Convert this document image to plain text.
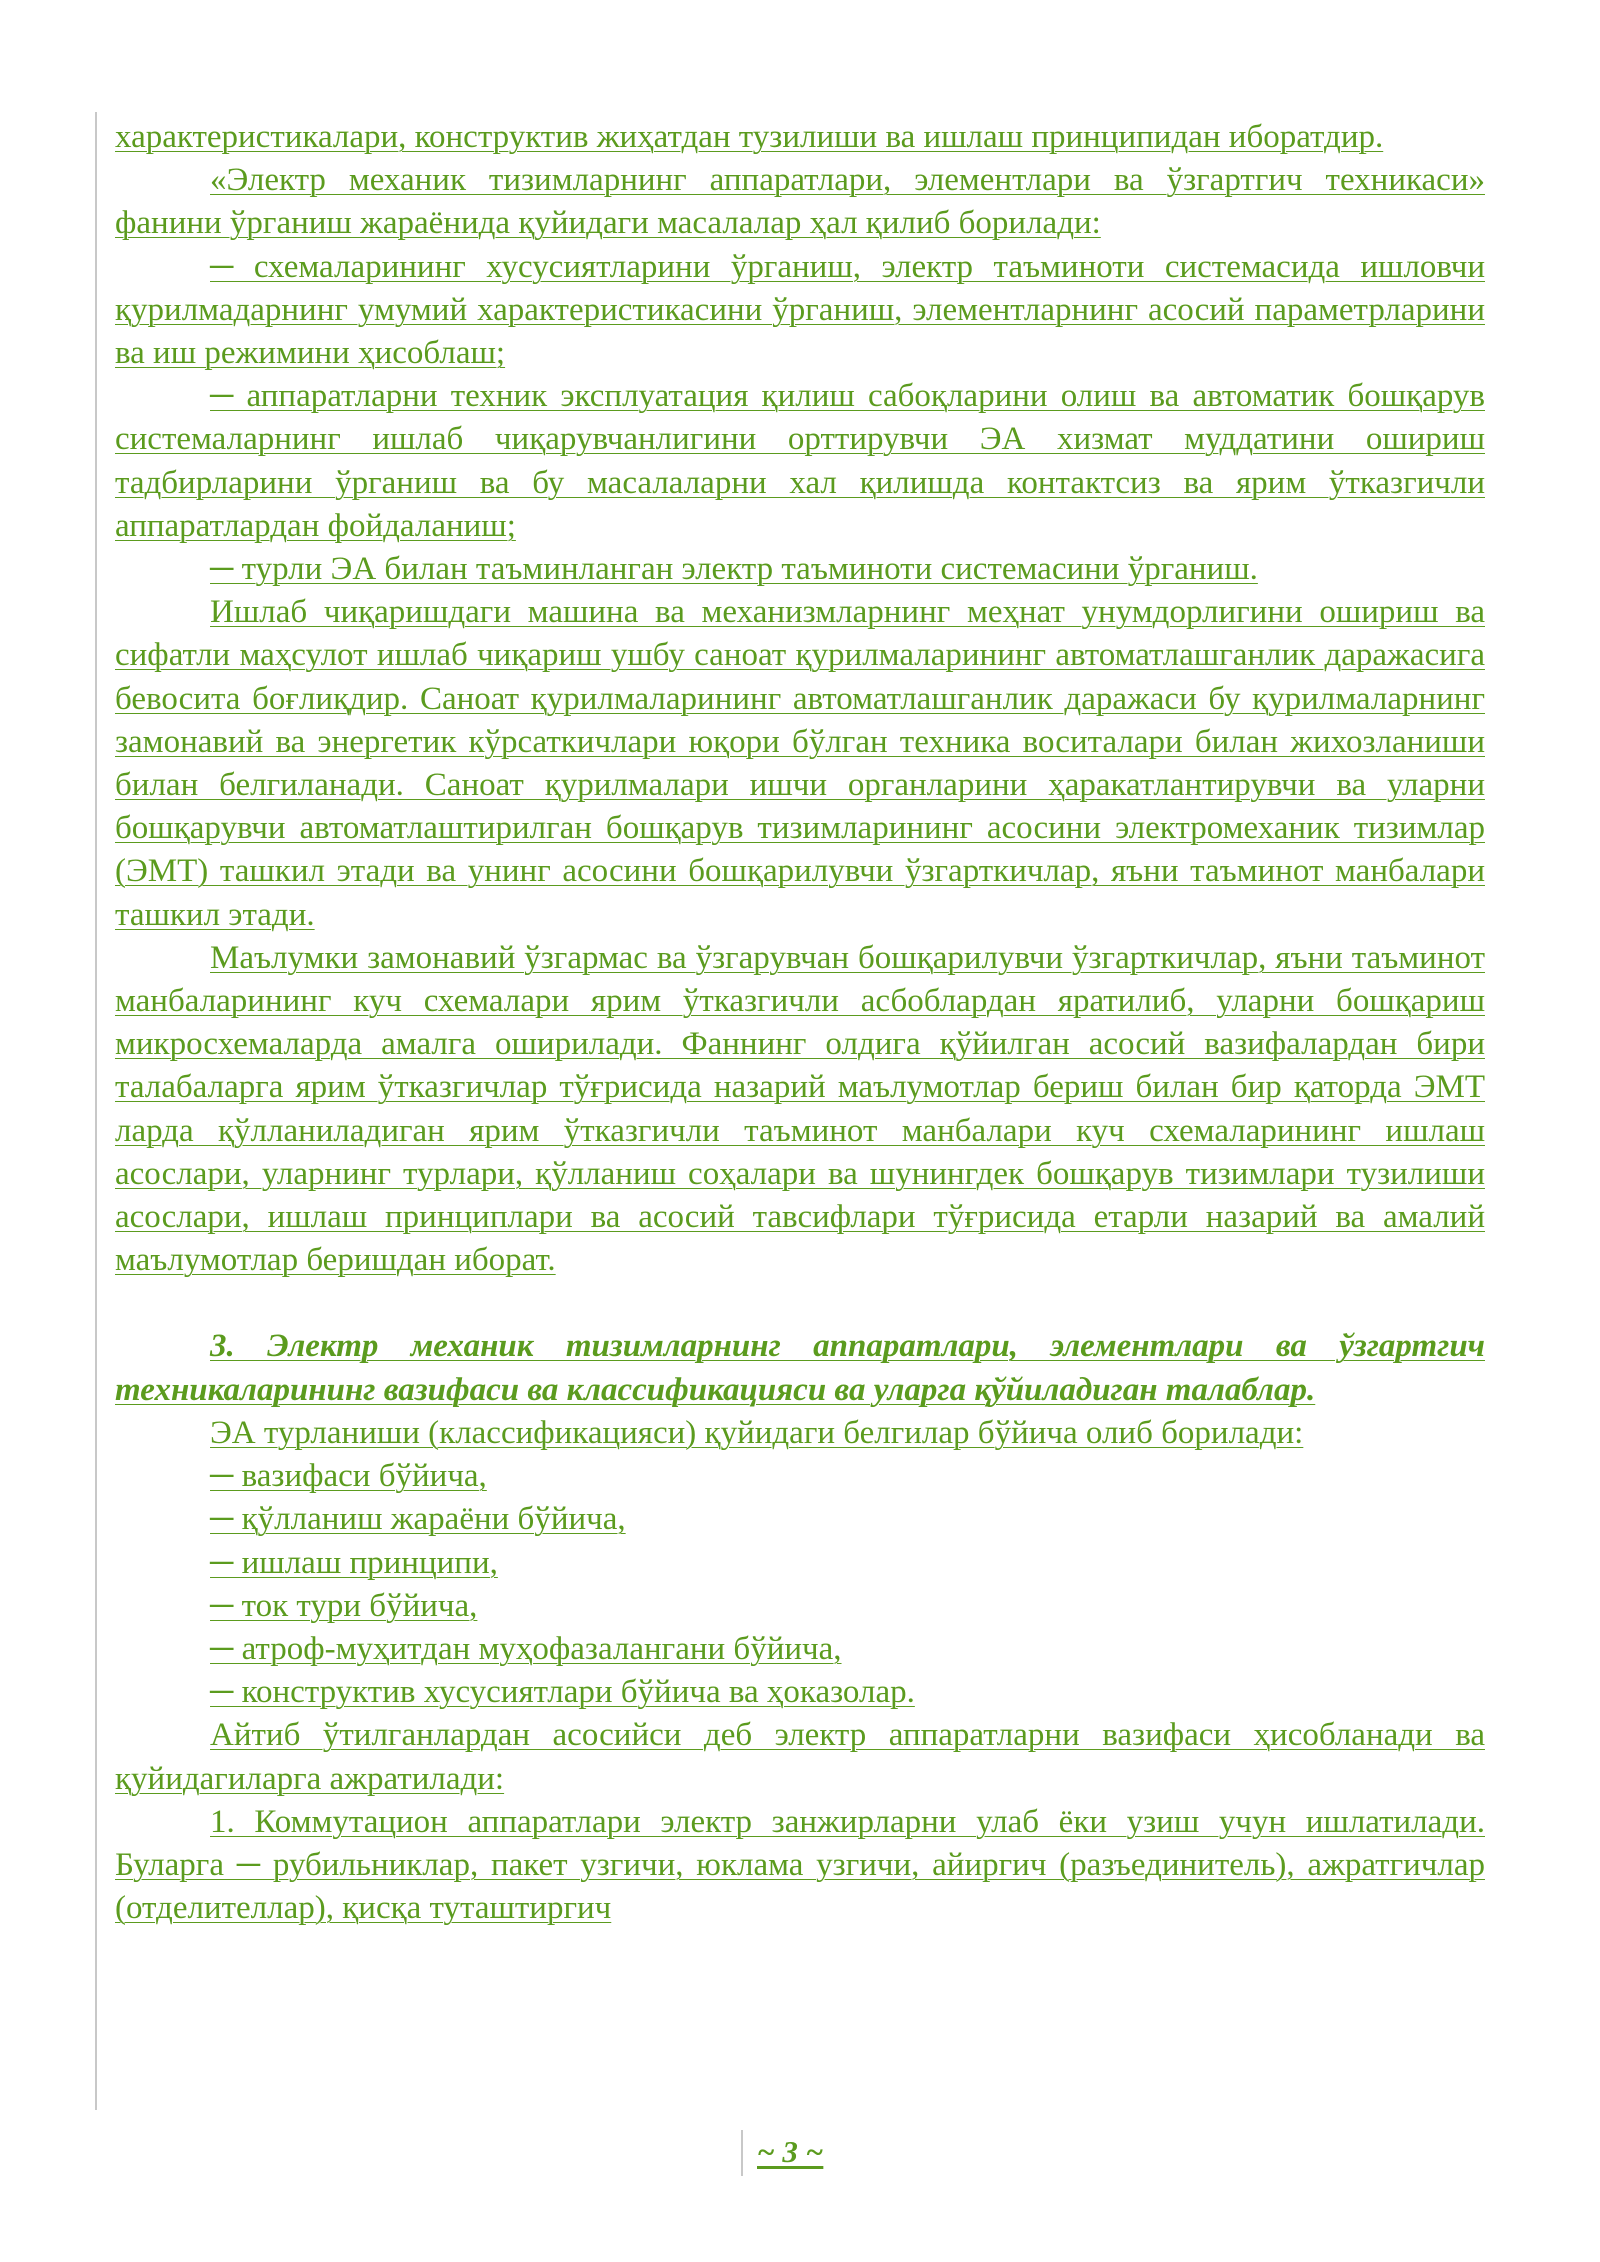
характеристикалари, конструктив жиҳатдан тузилиши ва ишлаш принципидан иборатдир.

«Электр механик тизимларнинг аппаратлари, элементлари ва ўзгартгич техникаси» фанини ўрганиш жараёнида қуйидаги масалалар ҳал қилиб борилади:

─ схемаларининг хусусиятларини ўрганиш, электр таъминоти системасида ишловчи қурилмадарнинг умумий характеристикасини ўрганиш, элементларнинг асосий параметрларини ва иш режимини ҳисоблаш;

─ аппаратларни техник эксплуатация қилиш сабоқларини олиш ва автоматик бошқарув системаларнинг ишлаб чиқарувчанлигини орттирувчи ЭА хизмат муддатини ошириш тадбирларини ўрганиш ва бу масалаларни хал қилишда контактсиз ва ярим ўтказгичли аппаратлардан фойдаланиш;

─ турли ЭА билан таъминланган электр таъминоти системасини ўрганиш.

Ишлаб чиқаришдаги машина ва механизмларнинг меҳнат унумдорлигини ошириш ва сифатли маҳсулот ишлаб чиқариш ушбу саноат қурилмаларининг автоматлашганлик даражасига бевосита боғлиқдир. Саноат қурилмаларининг автоматлашганлик даражаси бу қурилмаларнинг замонавий ва энергетик кўрсаткичлари юқори бўлган техника воситалари билан жихозланиши билан белгиланади. Саноат қурилмалари ишчи органларини ҳаракатлантирувчи ва уларни бошқарувчи автоматлаштирилган бошқарув тизимларининг асосини электромеханик тизимлар (ЭМТ) ташкил этади ва унинг асосини бошқарилувчи ўзгарткичлар, яъни таъминот манбалари ташкил этади.

Маълумки замонавий ўзгармас ва ўзгарувчан бошқарилувчи ўзгарткичлар, яъни таъминот манбаларининг куч схемалари ярим ўтказгичли асбоблардан яратилиб, уларни бошқариш микросхемаларда амалга оширилади. Фаннинг олдига қўйилган асосий вазифалардан бири талабаларга ярим ўтказгичлар тўғрисида назарий маълумотлар бериш билан бир қаторда ЭМТ ларда қўлланиладиган ярим ўтказгичли таъминот манбалари куч схемаларининг ишлаш асослари, уларнинг турлари, қўлланиш соҳалари ва шунингдек бошқарув тизимлари тузилиши асослари, ишлаш принциплари ва асосий тавсифлари тўғрисида етарли назарий ва амалий маълумотлар беришдан иборат.

3. Электр механик тизимларнинг аппаратлари, элементлари ва ўзгартгич техникаларининг вазифаси ва классификацияси ва уларга қўйиладиган талаблар.

ЭА турланиши (классификацияси) қуйидаги белгилар бўйича олиб борилади:

─ вазифаси бўйича,

─ қўлланиш жараёни бўйича,

─ ишлаш принципи,

─ ток тури бўйича,

─ атроф-муҳитдан муҳофазалангани бўйича,

─ конструктив хусусиятлари бўйича ва ҳоказолар.

Айтиб ўтилганлардан асосийси деб электр аппаратларни вазифаси ҳисобланади ва қуйидагиларга ажратилади:

1. Коммутацион аппаратлари электр занжирларни улаб ёки узиш учун ишлатилади. Буларга ─ рубильниклар, пакет узгичи, юклама узгичи, айиргич (разъединитель), ажратгичлар (отделителлар), қисқа туташтиргич

~ 3 ~
